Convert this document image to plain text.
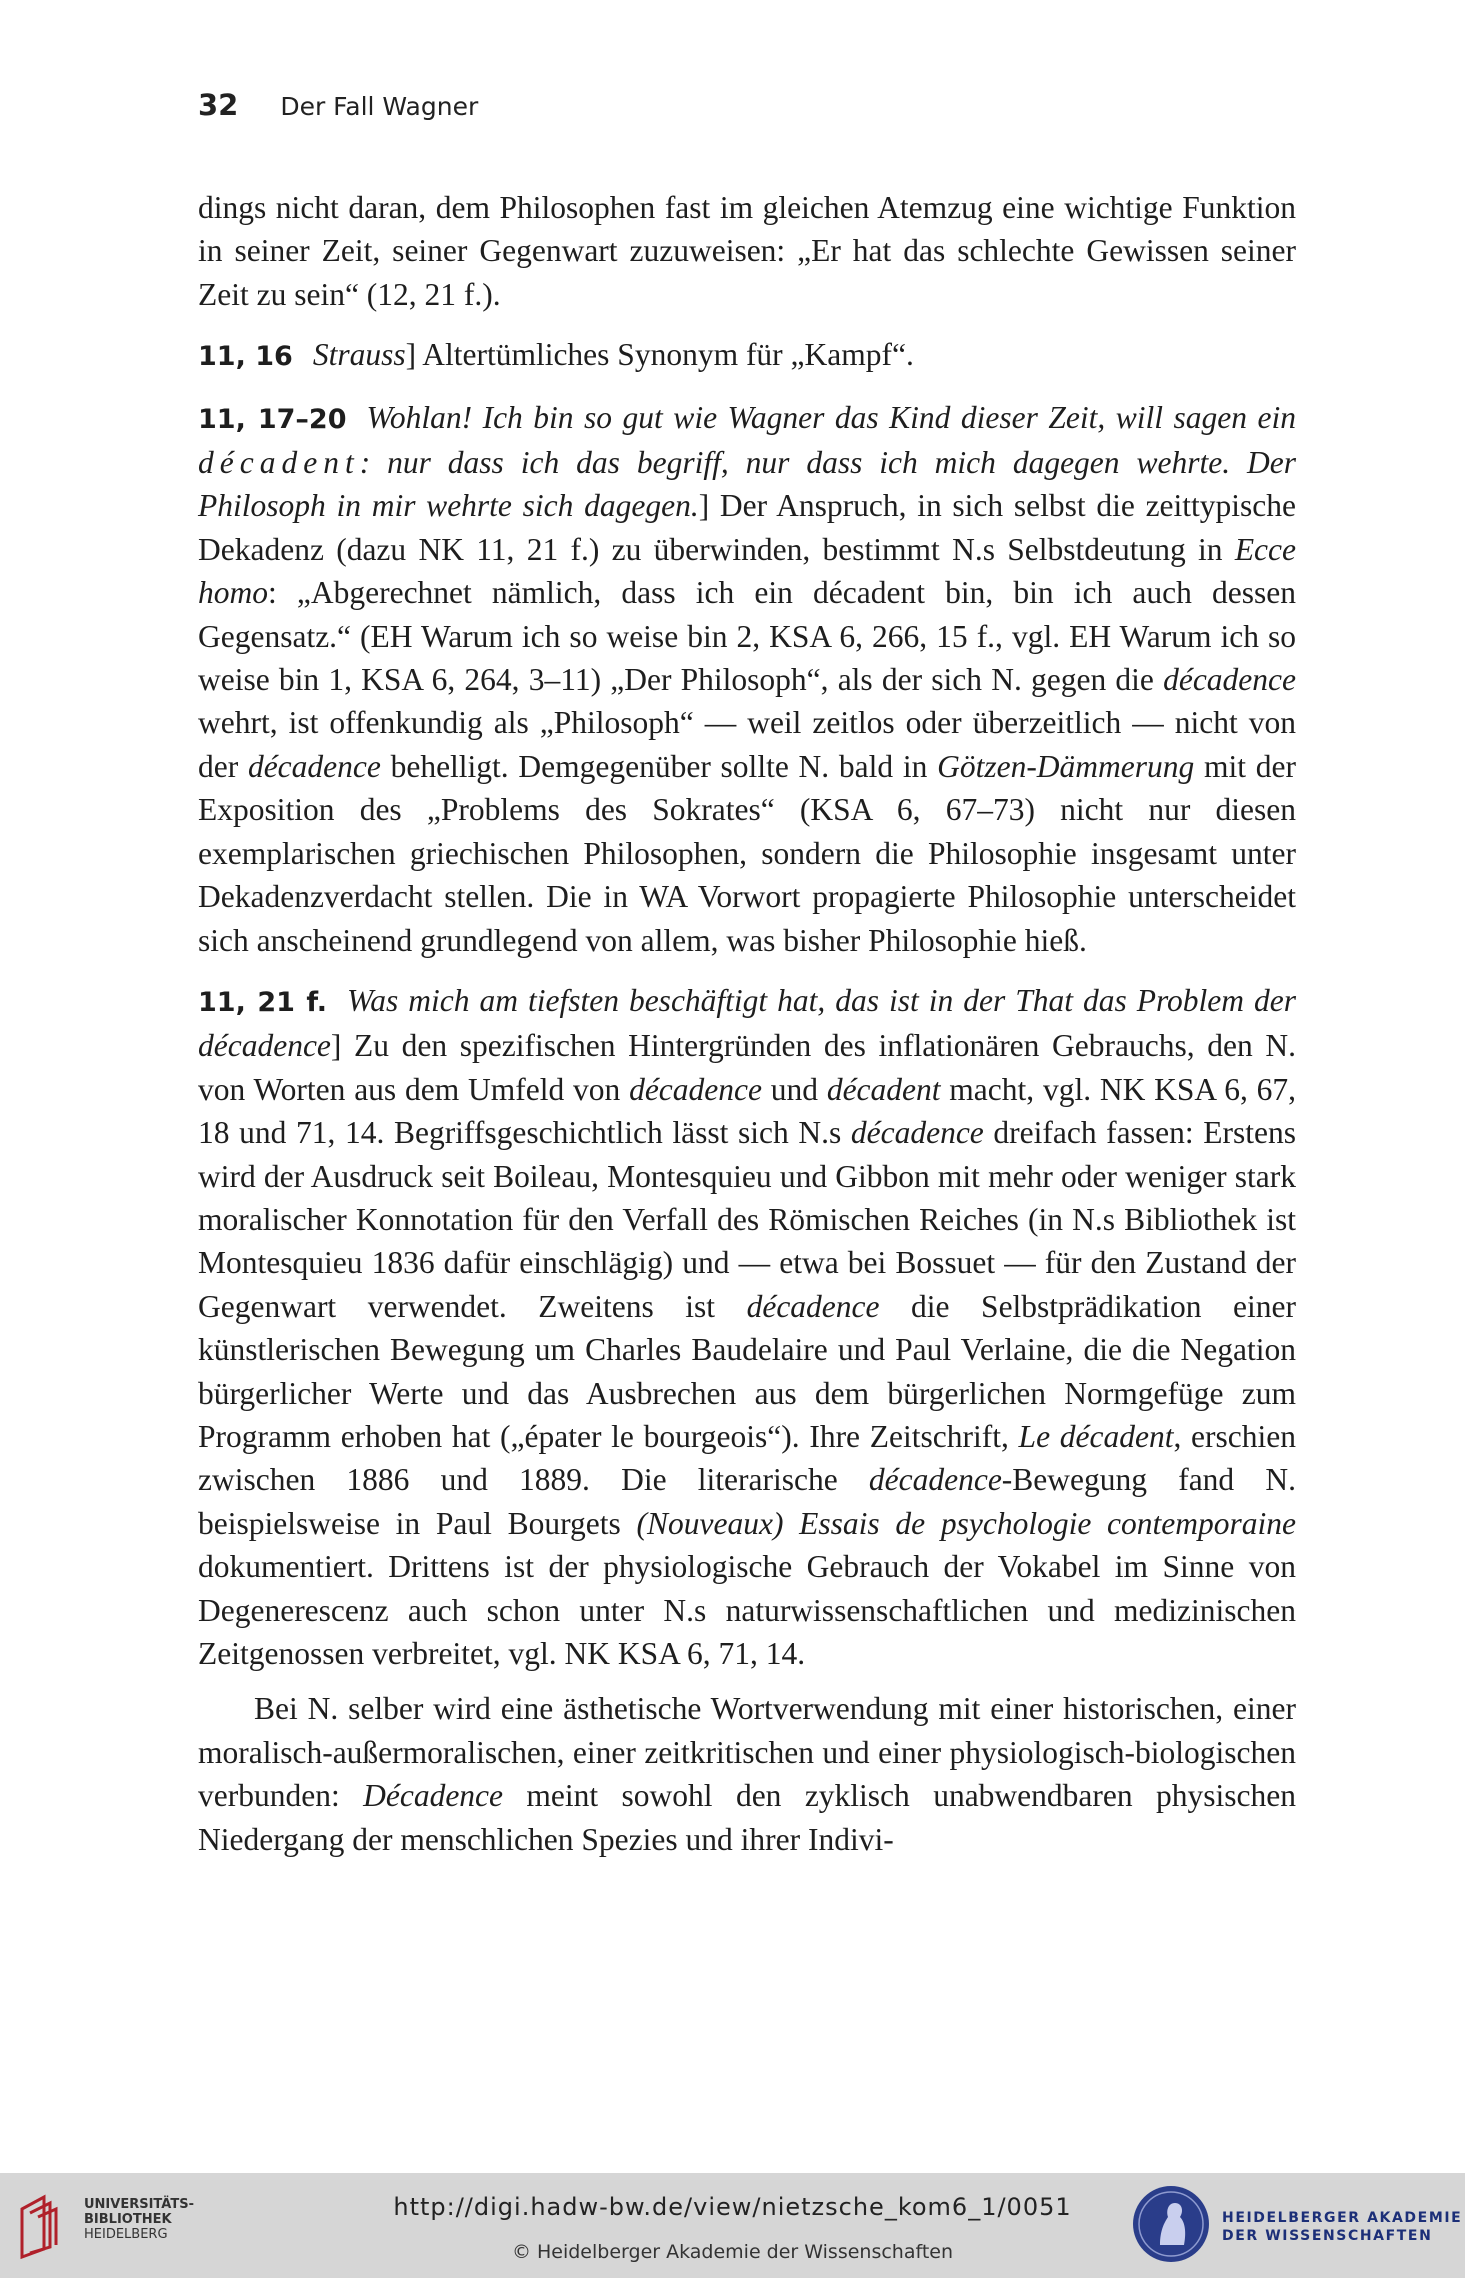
32 Der Fall Wagner

dings nicht daran, dem Philosophen fast im gleichen Atemzug eine wichtige Funktion in seiner Zeit, seiner Gegenwart zuzuweisen: „Er hat das schlechte Gewissen seiner Zeit zu sein“ (12, 21 f.).

11, 16 Strauss] Altertümliches Synonym für „Kampf“.

11, 17–20 Wohlan! Ich bin so gut wie Wagner das Kind dieser Zeit, will sagen ein décadent: nur dass ich das begriff, nur dass ich mich dagegen wehrte. Der Philosoph in mir wehrte sich dagegen.] Der Anspruch, in sich selbst die zeittypische Dekadenz (dazu NK 11, 21 f.) zu überwinden, bestimmt N.s Selbstdeutung in Ecce homo: „Abgerechnet nämlich, dass ich ein décadent bin, bin ich auch dessen Gegensatz.“ (EH Warum ich so weise bin 2, KSA 6, 266, 15 f., vgl. EH Warum ich so weise bin 1, KSA 6, 264, 3–11) „Der Philosoph“, als der sich N. gegen die décadence wehrt, ist offenkundig als „Philosoph“ — weil zeitlos oder überzeitlich — nicht von der décadence behelligt. Demgegenüber sollte N. bald in Götzen-Dämmerung mit der Exposition des „Problems des Sokrates“ (KSA 6, 67–73) nicht nur diesen exemplarischen griechischen Philosophen, sondern die Philosophie insgesamt unter Dekadenzverdacht stellen. Die in WA Vorwort propagierte Philosophie unterscheidet sich anscheinend grundlegend von allem, was bisher Philosophie hieß.

11, 21 f. Was mich am tiefsten beschäftigt hat, das ist in der That das Problem der décadence] Zu den spezifischen Hintergründen des inflationären Gebrauchs, den N. von Worten aus dem Umfeld von décadence und décadent macht, vgl. NK KSA 6, 67, 18 und 71, 14. Begriffsgeschichtlich lässt sich N.s décadence dreifach fassen: Erstens wird der Ausdruck seit Boileau, Montesquieu und Gibbon mit mehr oder weniger stark moralischer Konnotation für den Verfall des Römischen Reiches (in N.s Bibliothek ist Montesquieu 1836 dafür einschlägig) und — etwa bei Bossuet — für den Zustand der Gegenwart verwendet. Zweitens ist décadence die Selbstprädikation einer künstlerischen Bewegung um Charles Baudelaire und Paul Verlaine, die die Negation bürgerlicher Werte und das Ausbrechen aus dem bürgerlichen Normgefüge zum Programm erhoben hat („épater le bourgeois“). Ihre Zeitschrift, Le décadent, erschien zwischen 1886 und 1889. Die literarische décadence-Bewegung fand N. beispielsweise in Paul Bourgets (Nouveaux) Essais de psychologie contemporaine dokumentiert. Drittens ist der physiologische Gebrauch der Vokabel im Sinne von Degenerescenz auch schon unter N.s naturwissenschaftlichen und medizinischen Zeitgenossen verbreitet, vgl. NK KSA 6, 71, 14.

Bei N. selber wird eine ästhetische Wortverwendung mit einer historischen, einer moralisch-außermoralischen, einer zeitkritischen und einer physiologisch-biologischen verbunden: Décadence meint sowohl den zyklisch unabwendbaren physischen Niedergang der menschlichen Spezies und ihrer Indivi-

UNIVERSITÄTS-
BIBLIOTHEK
HEIDELBERG
http://digi.hadw-bw.de/view/nietzsche_kom6_1/0051
© Heidelberger Akademie der Wissenschaften
HEIDELBERGER AKADEMIE
DER WISSENSCHAFTEN
